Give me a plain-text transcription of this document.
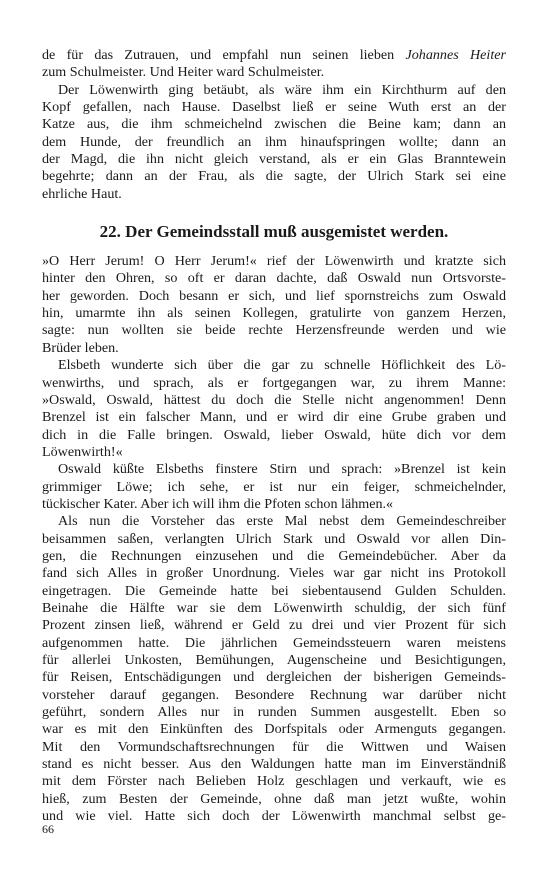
de für das Zutrauen, und empfahl nun seinen lieben Johannes Heiter
zum Schulmeister. Und Heiter ward Schulmeister.

Der Löwenwirth ging betäubt, als wäre ihm ein Kirchthurm auf den
Kopf gefallen, nach Hause. Daselbst ließ er seine Wuth erst an der
Katze aus, die ihm schmeichelnd zwischen die Beine kam; dann an
dem Hunde, der freundlich an ihm hinaufspringen wollte; dann an
der Magd, die ihn nicht gleich verstand, als er ein Glas Branntewein
begehrte; dann an der Frau, als die sagte, der Ulrich Stark sei eine
ehrliche Haut.

22. Der Gemeindsstall muß ausgemistet werden.

»O Herr Jerum! O Herr Jerum!« rief der Löwenwirth und kratzte sich
hinter den Ohren, so oft er daran dachte, daß Oswald nun Ortsvorste-
her geworden. Doch besann er sich, und lief spornstreichs zum Oswald
hin, umarmte ihn als seinen Kollegen, gratulirte von ganzem Herzen,
sagte: nun wollten sie beide rechte Herzensfreunde werden und wie
Brüder leben.

Elsbeth wunderte sich über die gar zu schnelle Höflichkeit des Lö-
wenwirths, und sprach, als er fortgegangen war, zu ihrem Manne:
»Oswald, Oswald, hättest du doch die Stelle nicht angenommen! Denn
Brenzel ist ein falscher Mann, und er wird dir eine Grube graben und
dich in die Falle bringen. Oswald, lieber Oswald, hüte dich vor dem
Löwenwirth!«

Oswald küßte Elsbeths finstere Stirn und sprach: »Brenzel ist kein
grimmiger Löwe; ich sehe, er ist nur ein feiger, schmeichelnder,
tückischer Kater. Aber ich will ihm die Pfoten schon lähmen.«

Als nun die Vorsteher das erste Mal nebst dem Gemeindeschreiber
beisammen saßen, verlangten Ulrich Stark und Oswald vor allen Din-
gen, die Rechnungen einzusehen und die Gemeindebücher. Aber da
fand sich Alles in großer Unordnung. Vieles war gar nicht ins Protokoll
eingetragen. Die Gemeinde hatte bei siebentausend Gulden Schulden.
Beinahe die Hälfte war sie dem Löwenwirth schuldig, der sich fünf
Prozent zinsen ließ, während er Geld zu drei und vier Prozent für sich
aufgenommen hatte. Die jährlichen Gemeindssteuern waren meistens
für allerlei Unkosten, Bemühungen, Augenscheine und Besichtigungen,
für Reisen, Entschädigungen und dergleichen der bisherigen Gemeinds-
vorsteher darauf gegangen. Besondere Rechnung war darüber nicht
geführt, sondern Alles nur in runden Summen ausgestellt. Eben so
war es mit den Einkünften des Dorfspitals oder Armenguts gegangen.
Mit den Vormundschaftsrechnungen für die Wittwen und Waisen
stand es nicht besser. Aus den Waldungen hatte man im Einverständniß
mit dem Förster nach Belieben Holz geschlagen und verkauft, wie es
hieß, zum Besten der Gemeinde, ohne daß man jetzt wußte, wohin
und wie viel. Hatte sich doch der Löwenwirth manchmal selbst ge-

66
